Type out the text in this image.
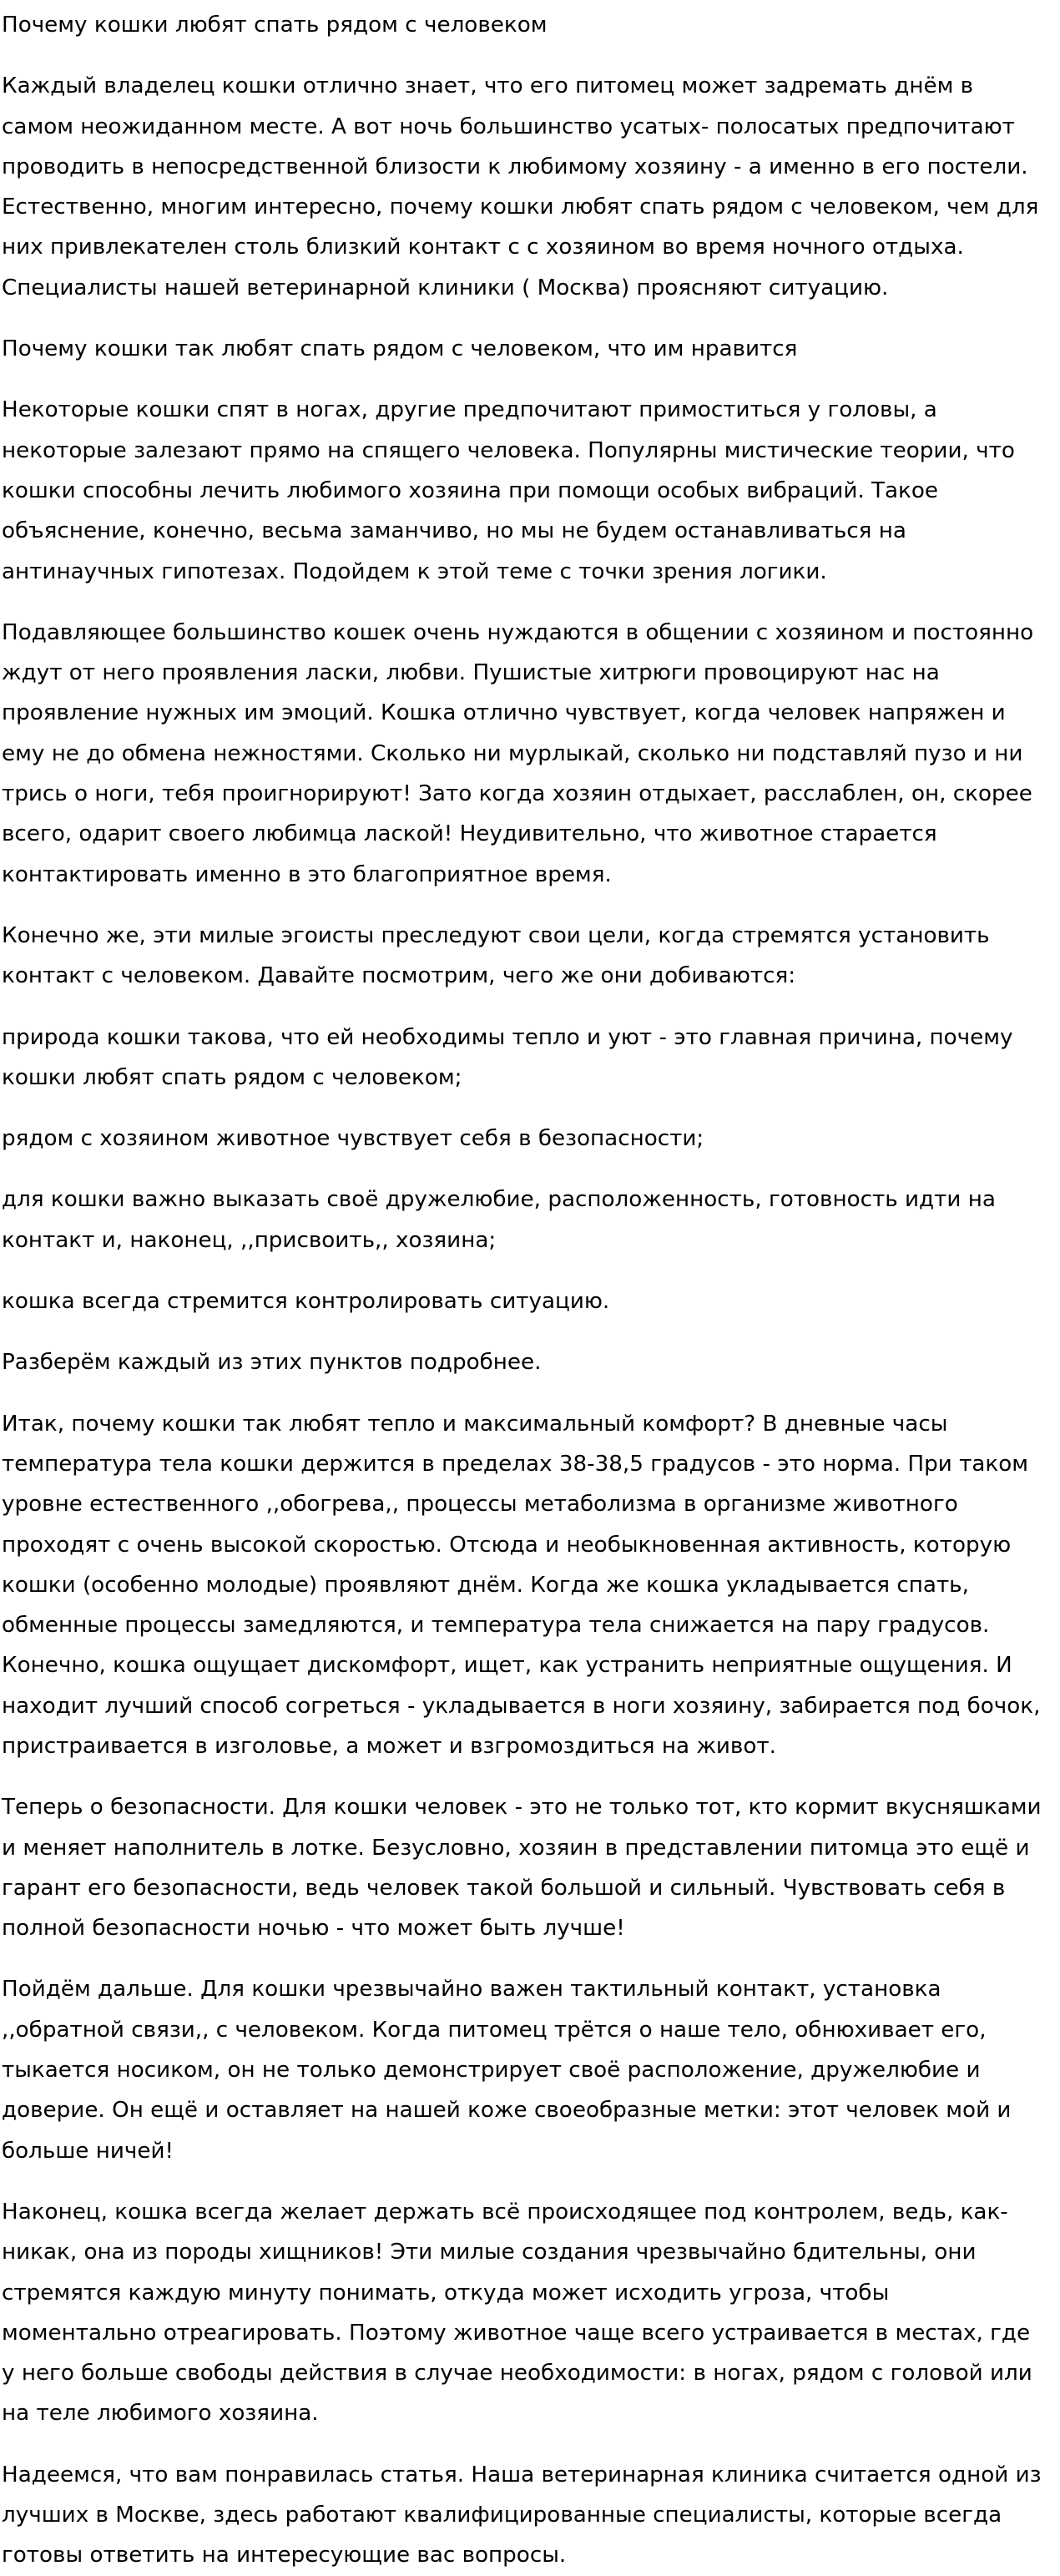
Почему кошки любят спать рядом с человеком

Каждый владелец кошки отлично знает, что его питомец может задремать днём в самом неожиданном месте. А вот ночь большинство усатых- полосатых предпочитают проводить в непосредственной близости к любимому хозяину - а именно в его постели. Естественно, многим интересно, почему кошки любят спать рядом с человеком, чем для них привлекателен столь близкий контакт с с хозяином во время ночного отдыха. Специалисты нашей ветеринарной клиники ( Москва) проясняют ситуацию.

Почему кошки так любят спать рядом с человеком, что им нравится

Некоторые кошки спят в ногах, другие предпочитают примоститься у головы, а некоторые залезают прямо на спящего человека. Популярны мистические теории, что кошки способны лечить любимого хозяина при помощи особых вибраций. Такое объяснение, конечно, весьма заманчиво, но мы не будем останавливаться на антинаучных гипотезах. Подойдем к этой теме с точки зрения логики.

Подавляющее большинство кошек очень нуждаются в общении с хозяином и постоянно ждут от него проявления ласки, любви. Пушистые хитрюги провоцируют нас на проявление нужных им эмоций. Кошка отлично чувствует, когда человек напряжен и ему не до обмена нежностями. Сколько ни мурлыкай, сколько ни подставляй пузо и ни трись о ноги, тебя проигнорируют! Зато когда хозяин отдыхает, расслаблен, он, скорее всего, одарит своего любимца лаской! Неудивительно, что животное старается контактировать именно в это благоприятное время.

Конечно же, эти милые эгоисты преследуют свои цели, когда стремятся установить контакт с человеком. Давайте посмотрим, чего же они добиваются:

природа кошки такова, что ей необходимы тепло и уют - это главная причина, почему кошки любят спать рядом с человеком;

рядом с хозяином животное чувствует себя в безопасности;

для кошки важно выказать своё дружелюбие, расположенность, готовность идти на контакт и, наконец, ,,присвоить,, хозяина;

кошка всегда стремится контролировать ситуацию.

Разберём каждый из этих пунктов подробнее.

Итак, почему кошки так любят тепло и максимальный комфорт? В дневные часы температура тела кошки держится в пределах 38-38,5 градусов - это норма. При таком уровне естественного ,,обогрева,, процессы метаболизма в организме животного проходят с очень высокой скоростью. Отсюда и необыкновенная активность, которую кошки (особенно молодые) проявляют днём. Когда же кошка укладывается спать, обменные процессы замедляются, и температура тела снижается на пару градусов. Конечно, кошка ощущает дискомфорт, ищет, как устранить неприятные ощущения. И находит лучший способ согреться - укладывается в ноги хозяину, забирается под бочок, пристраивается в изголовье, а может и взгромоздиться на живот.

Теперь о безопасности. Для кошки человек - это не только тот, кто кормит вкусняшками и меняет наполнитель в лотке. Безусловно, хозяин в представлении питомца это ещё и гарант его безопасности, ведь человек такой большой и сильный. Чувствовать себя в полной безопасности ночью - что может быть лучше!

Пойдём дальше. Для кошки чрезвычайно важен тактильный контакт, установка ,,обратной связи,, с человеком. Когда питомец трётся о наше тело, обнюхивает его, тыкается носиком, он не только демонстрирует своё расположение, дружелюбие и доверие. Он ещё и оставляет на нашей коже своеобразные метки: этот человек мой и больше ничей!

Наконец, кошка всегда желает держать всё происходящее под контролем, ведь, как-никак, она из породы хищников! Эти милые создания чрезвычайно бдительны, они стремятся каждую минуту понимать, откуда может исходить угроза, чтобы моментально отреагировать. Поэтому животное чаще всего устраивается в местах, где у него больше свободы действия в случае необходимости: в ногах, рядом с головой или на теле любимого хозяина.

Надеемся, что вам понравилась статья. Наша ветеринарная клиника считается одной из лучших в Москве, здесь работают квалифицированные специалисты, которые всегда готовы ответить на интересующие вас вопросы.
